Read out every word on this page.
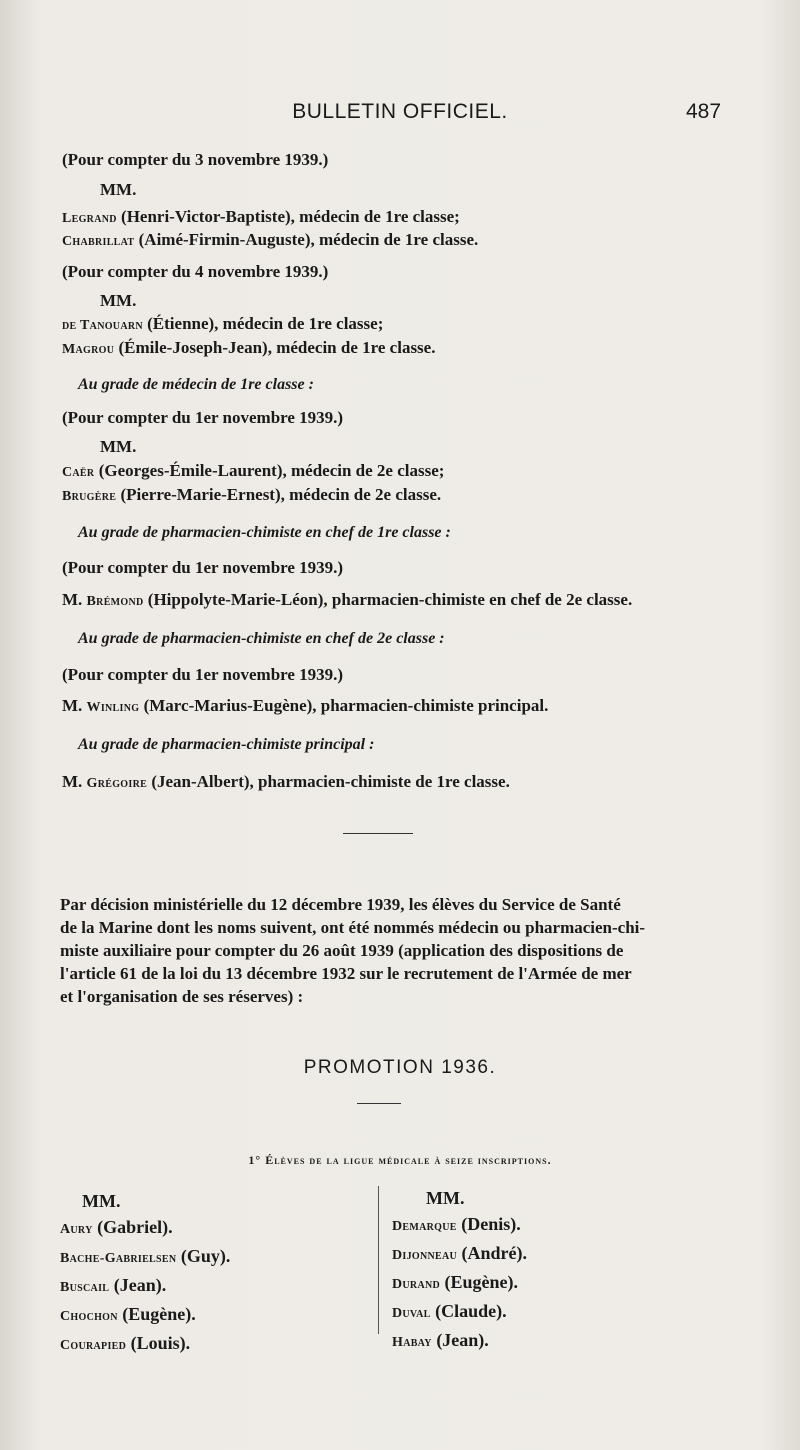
BULLETIN OFFICIEL.	487
(Pour compter du 3 novembre 1939.)
MM.
Legrand (Henri-Victor-Baptiste), médecin de 1re classe;
Chabrillat (Aimé-Firmin-Auguste), médecin de 1re classe.
(Pour compter du 4 novembre 1939.)
MM.
de Tanouarn (Étienne), médecin de 1re classe;
Magrou (Émile-Joseph-Jean), médecin de 1re classe.
Au grade de médecin de 1re classe :
(Pour compter du 1er novembre 1939.)
MM.
Caër (Georges-Émile-Laurent), médecin de 2e classe;
Brugère (Pierre-Marie-Ernest), médecin de 2e classe.
Au grade de pharmacien-chimiste en chef de 1re classe :
(Pour compter du 1er novembre 1939.)
M. Brémond (Hippolyte-Marie-Léon), pharmacien-chimiste en chef de 2e classe.
Au grade de pharmacien-chimiste en chef de 2e classe :
(Pour compter du 1er novembre 1939.)
M. Winling (Marc-Marius-Eugène), pharmacien-chimiste principal.
Au grade de pharmacien-chimiste principal :
M. Grégoire (Jean-Albert), pharmacien-chimiste de 1re classe.
Par décision ministérielle du 12 décembre 1939, les élèves du Service de Santé
de la Marine dont les noms suivent, ont été nommés médecin ou pharmacien-chi-
miste auxiliaire pour compter du 26 août 1939 (application des dispositions de
l'article 61 de la loi du 13 décembre 1932 sur le recrutement de l'Armée de mer
et l'organisation de ses réserves) :
PROMOTION 1936.
1° Élèves de la ligue médicale à seize inscriptions.
MM.
Aury (Gabriel).
Bache-Gabrielsen (Guy).
Buscail (Jean).
Chochon (Eugène).
Courapied (Louis).
MM.
Demarque (Denis).
Dijonneau (André).
Durand (Eugène).
Duval (Claude).
Habay (Jean).
